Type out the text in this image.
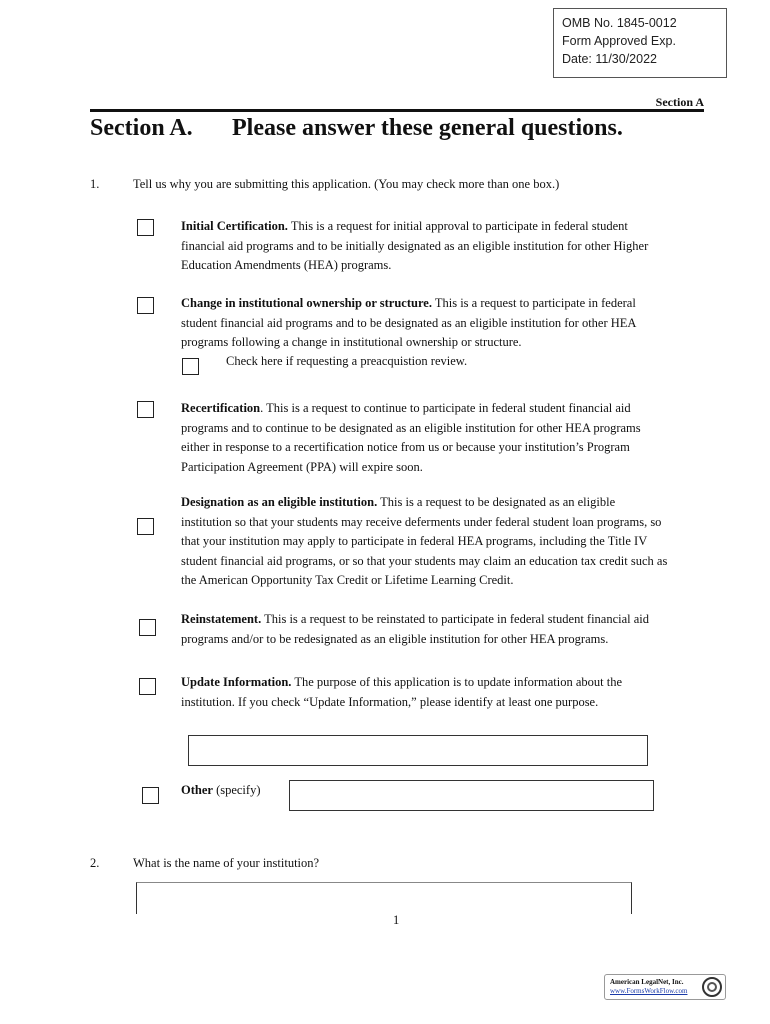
OMB No. 1845-0012
Form Approved Exp.
Date: 11/30/2022
Section A
Section A. Please answer these general questions.
1.	Tell us why you are submitting this application. (You may check more than one box.)
Initial Certification. This is a request for initial approval to participate in federal student
financial aid programs and to be initially designated as an eligible institution for other Higher
Education Amendments (HEA) programs.
Change in institutional ownership or structure. This is a request to participate in federal
student financial aid programs and to be designated as an eligible institution for other HEA
programs following a change in institutional ownership or structure.
Check here if requesting a preacquistion review.
Recertification. This is a request to continue to participate in federal student financial aid
programs and to continue to be designated as an eligible institution for other HEA programs
either in response to a recertification notice from us or because your institution’s Program
Participation Agreement (PPA) will expire soon.
Designation as an eligible institution. This is a request to be designated as an eligible
institution so that your students may receive deferments under federal student loan programs, so
that your institution may apply to participate in federal HEA programs, including the Title IV
student financial aid programs, or so that your students may claim an education tax credit such as
the American Opportunity Tax Credit or Lifetime Learning Credit.
Reinstatement. This is a request to be reinstated to participate in federal student financial aid
programs and/or to be redesignated as an eligible institution for other HEA programs.
Update Information. The purpose of this application is to update information about the
institution. If you check “Update Information,” please identify at least one purpose.
Other (specify)
2.	What is the name of your institution?
1
American LegalNet, Inc.
www.FormsWorkFlow.com
